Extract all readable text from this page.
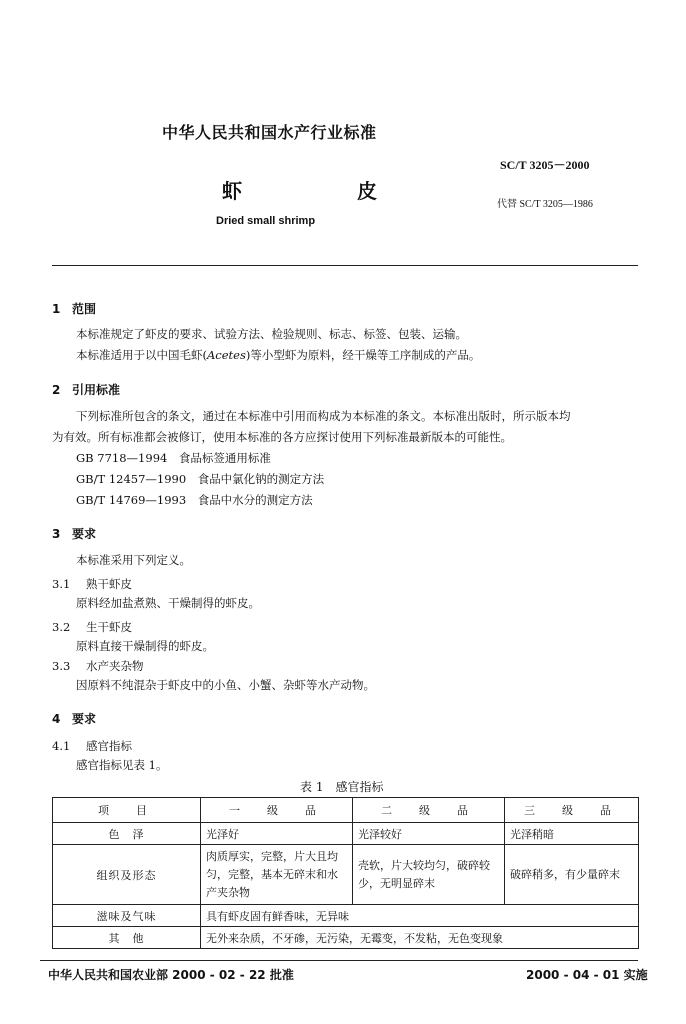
中华人民共和国水产行业标准
SC/T 3205－2000
虾 皮
代替 SC/T 3205—1986
Dried small shrimp
1 范围
本标准规定了虾皮的要求、试验方法、检验规则、标志、标签、包装、运输。
本标准适用于以中国毛虾(Acetes)等小型虾为原料，经干燥等工序制成的产品。
2 引用标准
下列标准所包含的条文，通过在本标准中引用而构成为本标准的条文。本标准出版时，所示版本均
为有效。所有标准都会被修订，使用本标准的各方应探讨使用下列标准最新版本的可能性。
GB 7718—1994　食品标签通用标准
GB/T 12457—1990　食品中氯化钠的测定方法
GB/T 14769—1993　食品中水分的测定方法
3 要求
本标准采用下列定义。
3.1 熟干虾皮
原料经加盐煮熟、干燥制得的虾皮。
3.2 生干虾皮
原料直接干燥制得的虾皮。
3.3 水产夹杂物
因原料不纯混杂于虾皮中的小鱼、小蟹、杂虾等水产动物。
4 要求
4.1 感官指标
感官指标见表 1。
表 1　感官指标
项　目	一　级　品	二　级　品	三　级　品
色　泽	光泽好	光泽较好	光泽稍暗
组织及形态	肉质厚实，完整，片大且均匀，完整，基本无碎末和水产夹杂物	壳软，片大较均匀，破碎较少，无明显碎末	破碎稍多，有少量碎末
滋味及气味	具有虾皮固有鲜香味，无异味		
其　他	无外来杂质，不牙碜，无污染，无霉变，不发粘，无色变现象		
中华人民共和国农业部 2000 - 02 - 22 批准	2000 - 04 - 01 实施
